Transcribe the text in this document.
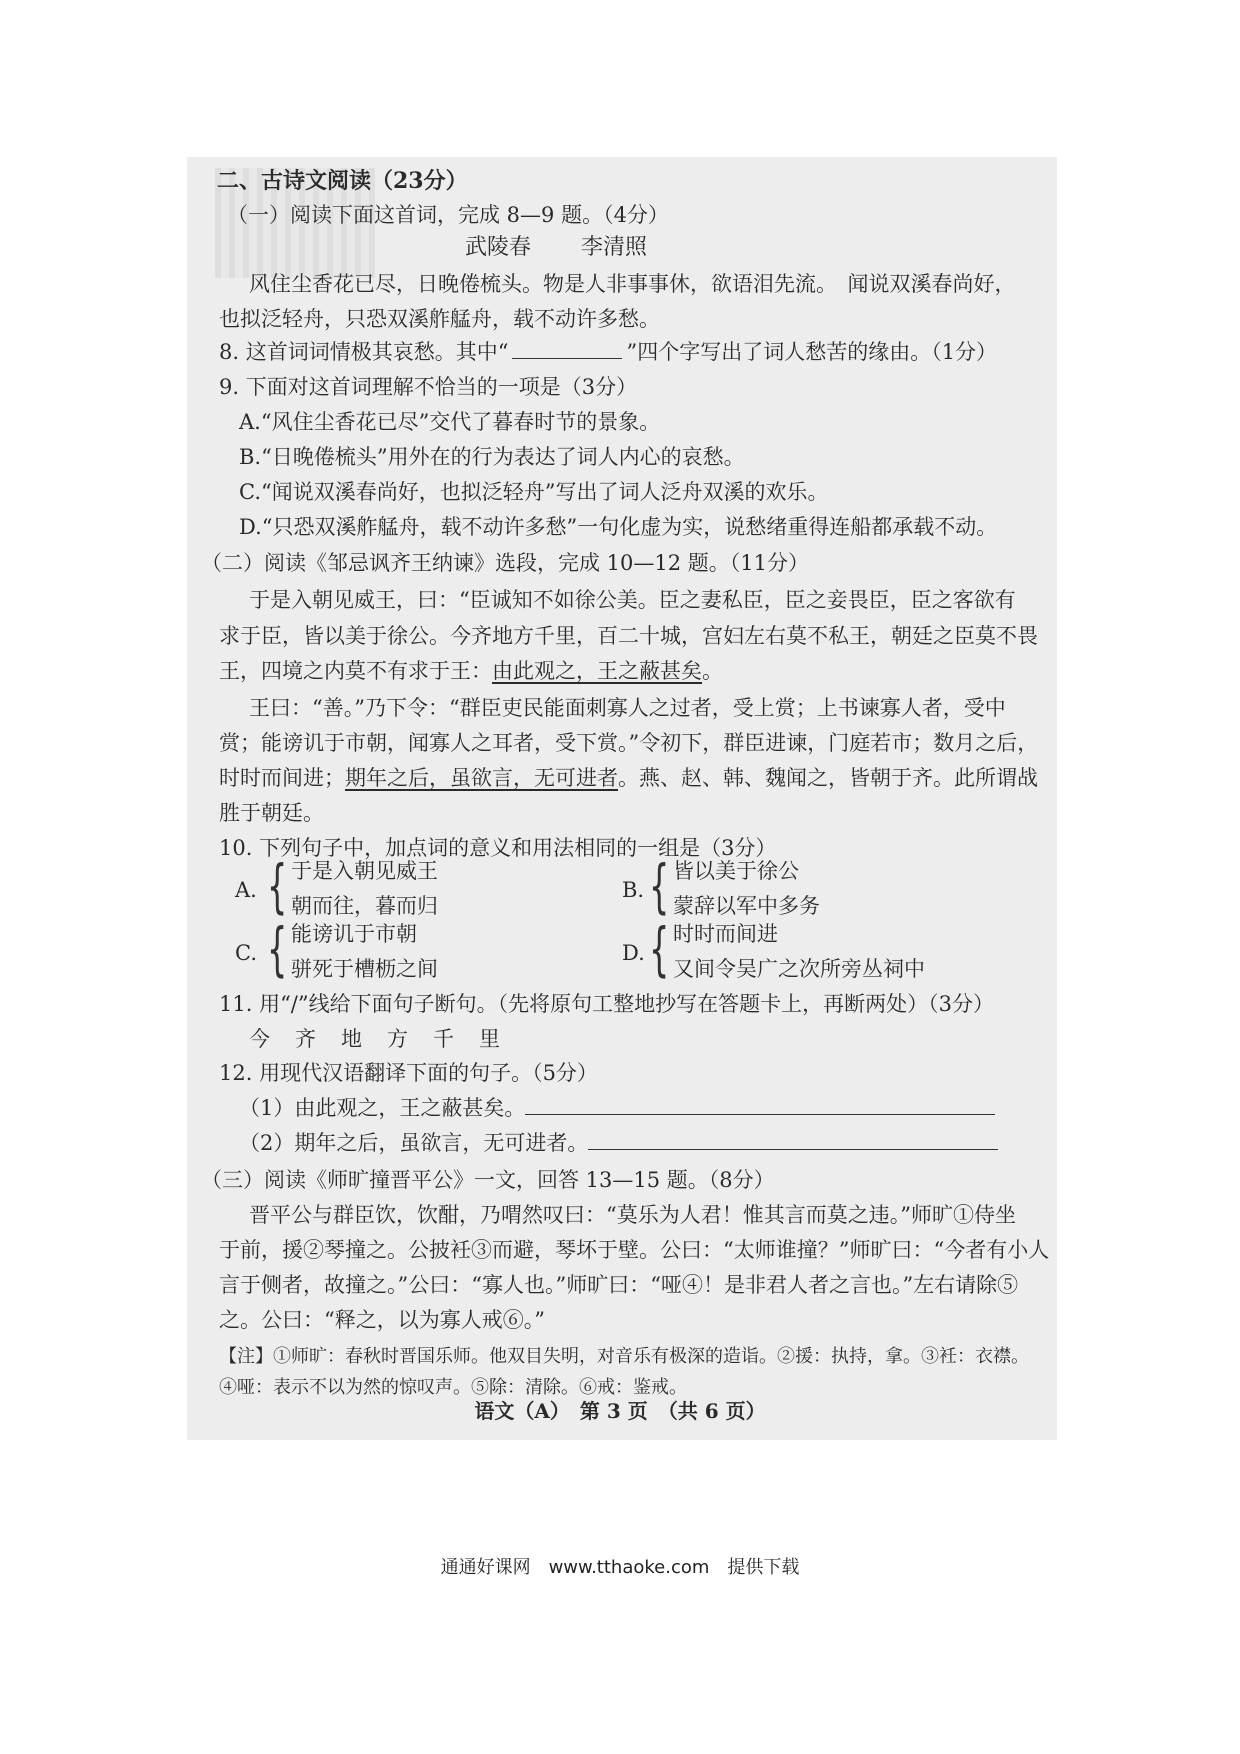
二、古诗文阅读（23分）
（一）阅读下面这首词，完成 8—9 题。（4分）
武陵春 李清照
风住尘香花已尽，日晚倦梳头。物是人非事事休，欲语泪先流。　闻说双溪春尚好，
也拟泛轻舟，只恐双溪舴艋舟，载不动许多愁。
8. 这首词词情极其哀愁。其中“	”四个字写出了词人愁苦的缘由。（1分）
9. 下面对这首词理解不恰当的一项是（3分）
A.“风住尘香花已尽”交代了暮春时节的景象。
B.“日晚倦梳头”用外在的行为表达了词人内心的哀愁。
C.“闻说双溪春尚好，也拟泛轻舟”写出了词人泛舟双溪的欢乐。
D.“只恐双溪舴艋舟，载不动许多愁”一句化虚为实，说愁绪重得连船都承载不动。
（二）阅读《邹忌讽齐王纳谏》选段，完成 10—12 题。（11分）
于是入朝见威王，曰：“臣诚知不如徐公美。臣之妻私臣，臣之妾畏臣，臣之客欲有
求于臣，皆以美于徐公。今齐地方千里，百二十城，宫妇左右莫不私王，朝廷之臣莫不畏
王，四境之内莫不有求于王：由此观之，王之蔽甚矣。
王曰：“善。”乃下令：“群臣吏民能面刺寡人之过者，受上赏；上书谏寡人者，受中
赏；能谤讥于市朝，闻寡人之耳者，受下赏。”令初下，群臣进谏，门庭若市；数月之后，
时时而间进；期年之后，虽欲言，无可进者。燕、赵、韩、魏闻之，皆朝于齐。此所谓战
胜于朝廷。
10. 下列句子中，加点词的意义和用法相同的一组是（3分）
A. { 于是入朝见威王
朝而往，暮而归
B. { 皆以美于徐公
蒙辞以军中多务
C. { 能谤讥于市朝
骈死于槽枥之间
D. { 时时而间进
又间令吴广之次所旁丛祠中
11. 用“/”线给下面句子断句。（先将原句工整地抄写在答题卡上，再断两处）（3分）
今　齐　地　方　千　里
12. 用现代汉语翻译下面的句子。（5分）
（1）由此观之，王之蔽甚矣。
（2）期年之后，虽欲言，无可进者。
（三）阅读《师旷撞晋平公》一文，回答 13—15 题。（8分）
晋平公与群臣饮，饮酣，乃喟然叹曰：“莫乐为人君！惟其言而莫之违。”师旷①侍坐
于前，援②琴撞之。公披衽③而避，琴坏于壁。公曰：“太师谁撞？”师旷曰：“今者有小人
言于侧者，故撞之。”公曰：“寡人也。”师旷曰：“哑④！是非君人者之言也。”左右请除⑤
之。公曰：“释之，以为寡人戒⑥。”
【注】①师旷：春秋时晋国乐师。他双目失明，对音乐有极深的造诣。②援：执持，拿。③衽：衣襟。
④哑：表示不以为然的惊叹声。⑤除：清除。⑥戒：鉴戒。
语文（A）　第 3 页　（共 6 页）
通通好课网　www.tthaoke.com　提供下载
